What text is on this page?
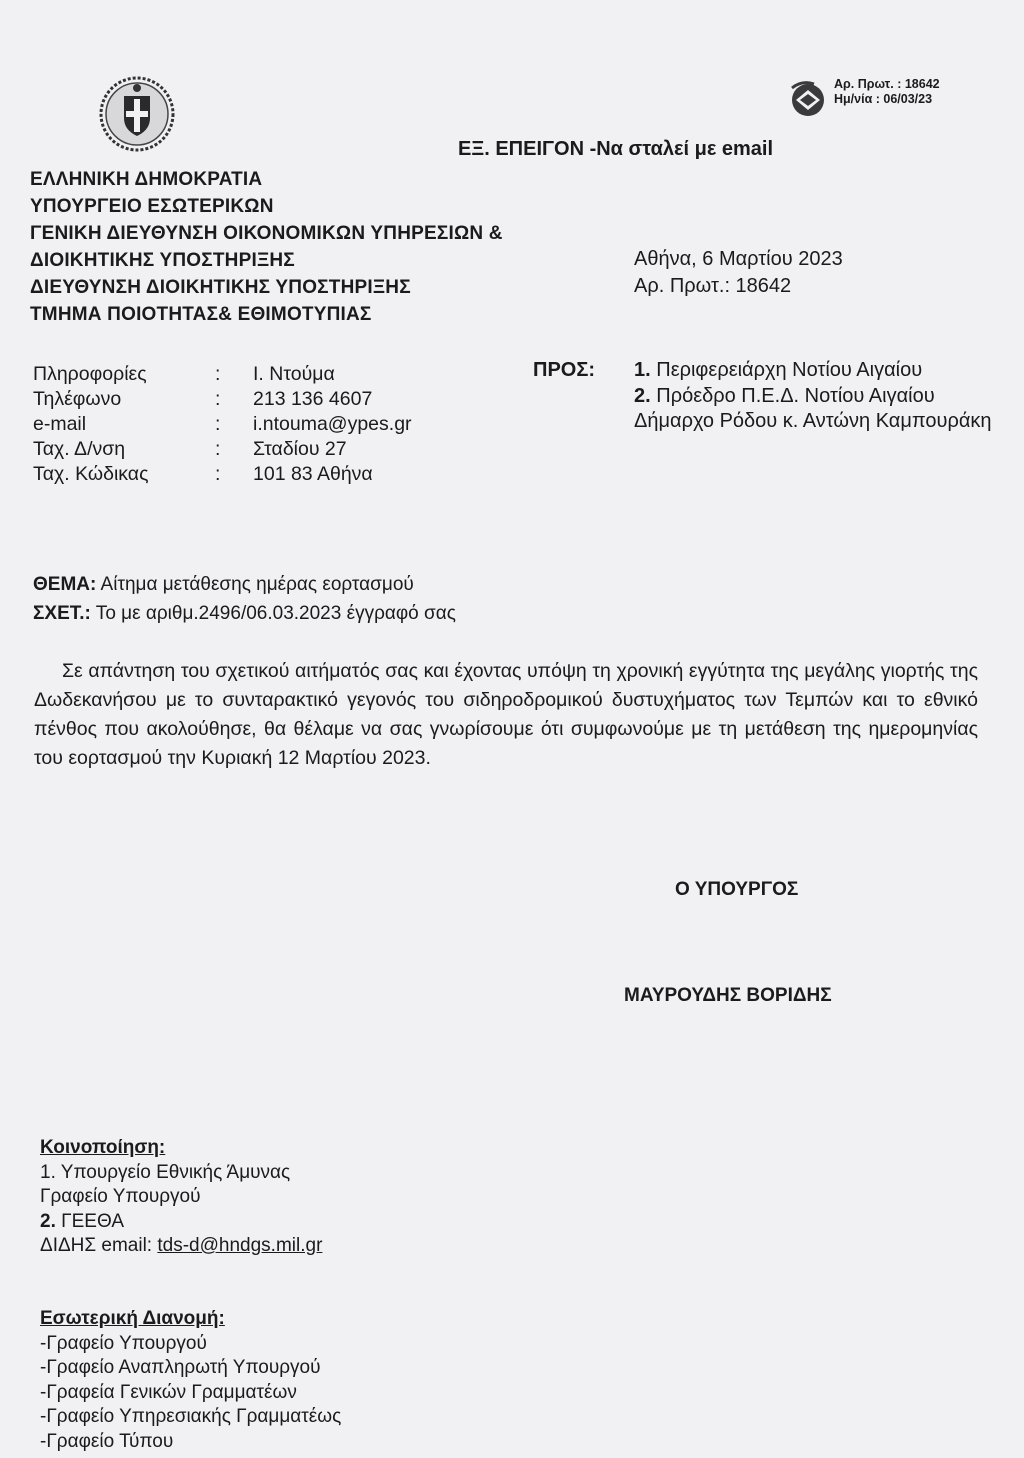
Αρ. Πρωτ. : 18642
Ημ/νία : 06/03/23
ΕΞ. ΕΠΕΙΓΟΝ -Να σταλεί με email
ΕΛΛΗΝΙΚΗ ΔΗΜΟΚΡΑΤΙΑ
ΥΠΟΥΡΓΕΙΟ ΕΣΩΤΕΡΙΚΩΝ
ΓΕΝΙΚΗ ΔΙΕΥΘΥΝΣΗ ΟΙΚΟΝΟΜΙΚΩΝ ΥΠΗΡΕΣΙΩΝ &
ΔΙΟΙΚΗΤΙΚΗΣ ΥΠΟΣΤΗΡΙΞΗΣ
ΔΙΕΥΘΥΝΣΗ ΔΙΟΙΚΗΤΙΚΗΣ ΥΠΟΣΤΗΡΙΞΗΣ
ΤΜΗΜΑ ΠΟΙΟΤΗΤΑΣ& ΕΘΙΜΟΤΥΠΙΑΣ
Αθήνα, 6 Μαρτίου 2023
Αρ. Πρωτ.: 18642
Πληροφορίες	:	Ι. Ντούμα
Τηλέφωνο	:	213 136 4607
e-mail	:	i.ntouma@ypes.gr
Ταχ. Δ/νση	:	Σταδίου 27
Ταχ. Κώδικας	:	101 83 Αθήνα
ΠΡΟΣ: 1. Περιφερειάρχη Νοτίου Αιγαίου
2. Πρόεδρο Π.Ε.Δ. Νοτίου Αιγαίου
Δήμαρχο Ρόδου κ. Αντώνη Καμπουράκη
ΘΕΜΑ: Αίτημα μετάθεσης ημέρας εορτασμού
ΣΧΕΤ.: Το με αριθμ.2496/06.03.2023 έγγραφό σας
Σε απάντηση του σχετικού αιτήματός σας και έχοντας υπόψη τη χρονική εγγύτητα της μεγάλης γιορτής της Δωδεκανήσου με το συνταρακτικό γεγονός του σιδηροδρομικού δυστυχήματος των Τεμπών και το εθνικό πένθος που ακολούθησε, θα θέλαμε να σας γνωρίσουμε ότι συμφωνούμε με τη μετάθεση της ημερομηνίας του εορτασμού την Κυριακή 12 Μαρτίου 2023.
Ο ΥΠΟΥΡΓΟΣ
ΜΑΥΡΟΥΔΗΣ ΒΟΡΙΔΗΣ
Κοινοποίηση:
1. Υπουργείο Εθνικής Άμυνας
Γραφείο Υπουργού
2. ΓΕΕΘΑ
ΔΙΔΗΣ email: tds-d@hndgs.mil.gr
Εσωτερική Διανομή:
-Γραφείο Υπουργού
-Γραφείο Αναπληρωτή Υπουργού
-Γραφεία Γενικών Γραμματέων
-Γραφείο Υπηρεσιακής Γραμματέως
-Γραφείο Τύπου
